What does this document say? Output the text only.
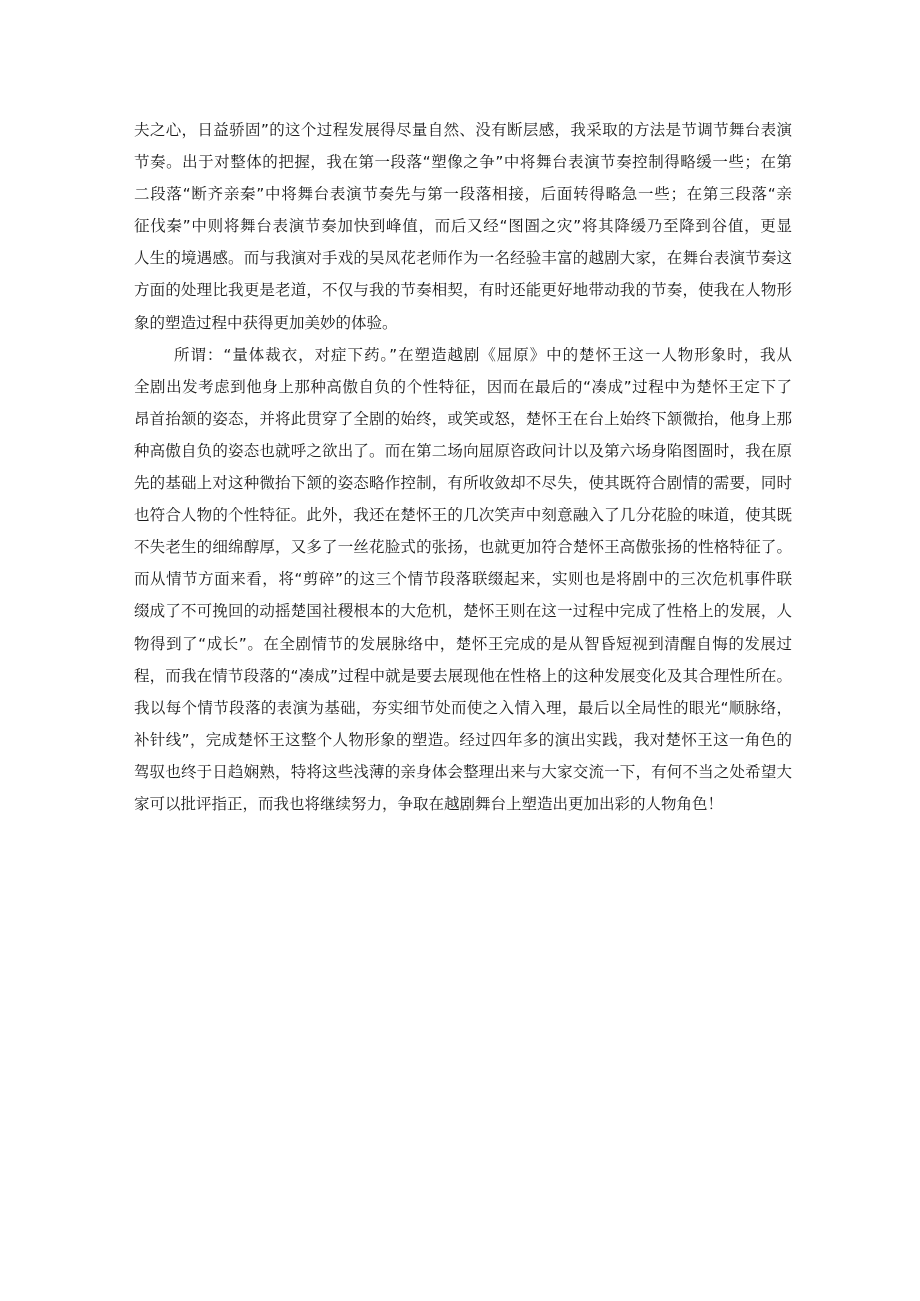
夫之心，日益骄固”的这个过程发展得尽量自然、没有断层感，我采取的方法是节调节舞台表演
节奏。出于对整体的把握，我在第一段落“塑像之争”中将舞台表演节奏控制得略缓一些；在第
二段落“断齐亲秦”中将舞台表演节奏先与第一段落相接，后面转得略急一些；在第三段落“亲
征伐秦”中则将舞台表演节奏加快到峰值，而后又经“图圄之灾”将其降缓乃至降到谷值，更显
人生的境遇感。而与我演对手戏的吴凤花老师作为一名经验丰富的越剧大家，在舞台表演节奏这
方面的处理比我更是老道，不仅与我的节奏相契，有时还能更好地带动我的节奏，使我在人物形
象的塑造过程中获得更加美妙的体验。
所谓：“量体裁衣，对症下药。”在塑造越剧《屈原》中的楚怀王这一人物形象时，我从
全剧出发考虑到他身上那种高傲自负的个性特征，因而在最后的“凑成”过程中为楚怀王定下了
昂首抬颔的姿态，并将此贯穿了全剧的始终，或笑或怒，楚怀王在台上始终下颔微抬，他身上那
种高傲自负的姿态也就呼之欲出了。而在第二场向屈原咨政问计以及第六场身陷图圄时，我在原
先的基础上对这种微抬下颔的姿态略作控制，有所收敛却不尽失，使其既符合剧情的需要，同时
也符合人物的个性特征。此外，我还在楚怀王的几次笑声中刻意融入了几分花脸的味道，使其既
不失老生的细绵醇厚，又多了一丝花脸式的张扬，也就更加符合楚怀王高傲张扬的性格特征了。
而从情节方面来看，将“剪碎”的这三个情节段落联缀起来，实则也是将剧中的三次危机事件联
缀成了不可挽回的动摇楚国社稷根本的大危机，楚怀王则在这一过程中完成了性格上的发展，人
物得到了“成长”。在全剧情节的发展脉络中，楚怀王完成的是从智昏短视到清醒自悔的发展过
程，而我在情节段落的“凑成”过程中就是要去展现他在性格上的这种发展变化及其合理性所在。
我以每个情节段落的表演为基础，夯实细节处而使之入情入理，最后以全局性的眼光“顺脉络，
补针线”，完成楚怀王这整个人物形象的塑造。经过四年多的演出实践，我对楚怀王这一角色的
驾驭也终于日趋娴熟，特将这些浅薄的亲身体会整理出来与大家交流一下，有何不当之处希望大
家可以批评指正，而我也将继续努力，争取在越剧舞台上塑造出更加出彩的人物角色！
